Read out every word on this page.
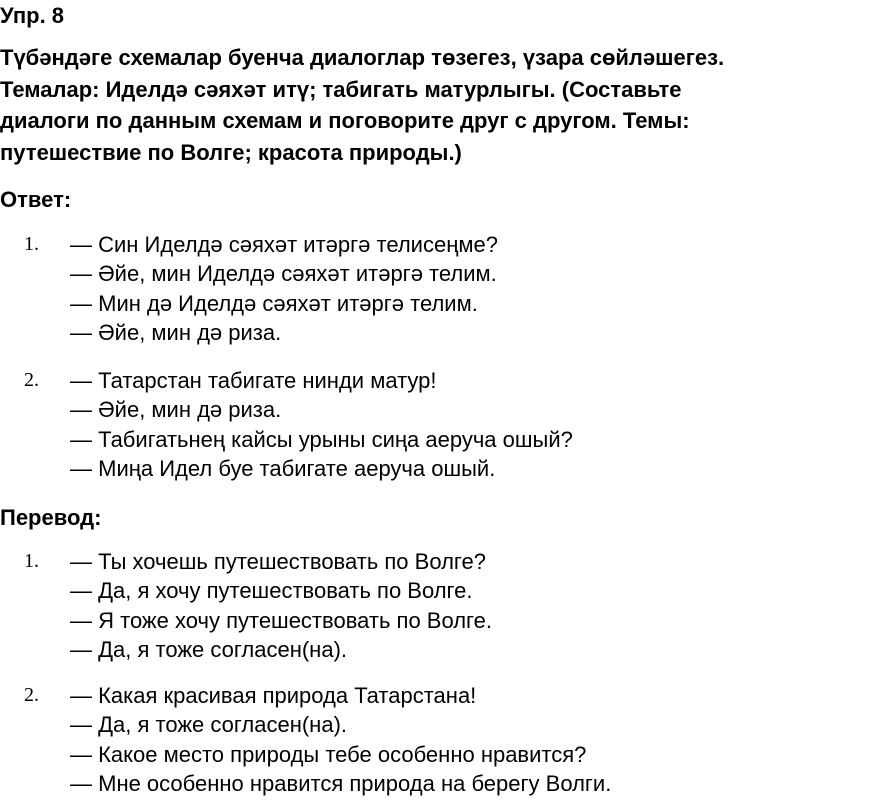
Упр. 8
Түбәндәге схемалар буенча диалоглар төзегез, үзара сөйләшегез.
Темалар: Иделдә сәяхәт итү; табигать матурлыгы. (Составьте
диалоги по данным схемам и поговорите друг с другом. Темы:
путешествие по Волге; красота природы.)
Ответ:
1. — Син Иделдә сәяхәт итәргә телисеңме?
— Әйе, мин Иделдә сәяхәт итәргә телим.
— Мин дә Иделдә сәяхәт итәргә телим.
— Әйе, мин дә риза.
2. — Татарстан табигате нинди матур!
— Әйе, мин дә риза.
— Табигатьнең кайсы урыны сиңа аеруча ошый?
— Миңа Идел буе табигате аеруча ошый.
Перевод:
1. — Ты хочешь путешествовать по Волге?
— Да, я хочу путешествовать по Волге.
— Я тоже хочу путешествовать по Волге.
— Да, я тоже согласен(на).
2. — Какая красивая природа Татарстана!
— Да, я тоже согласен(на).
— Какое место природы тебе особенно нравится?
— Мне особенно нравится природа на берегу Волги.
